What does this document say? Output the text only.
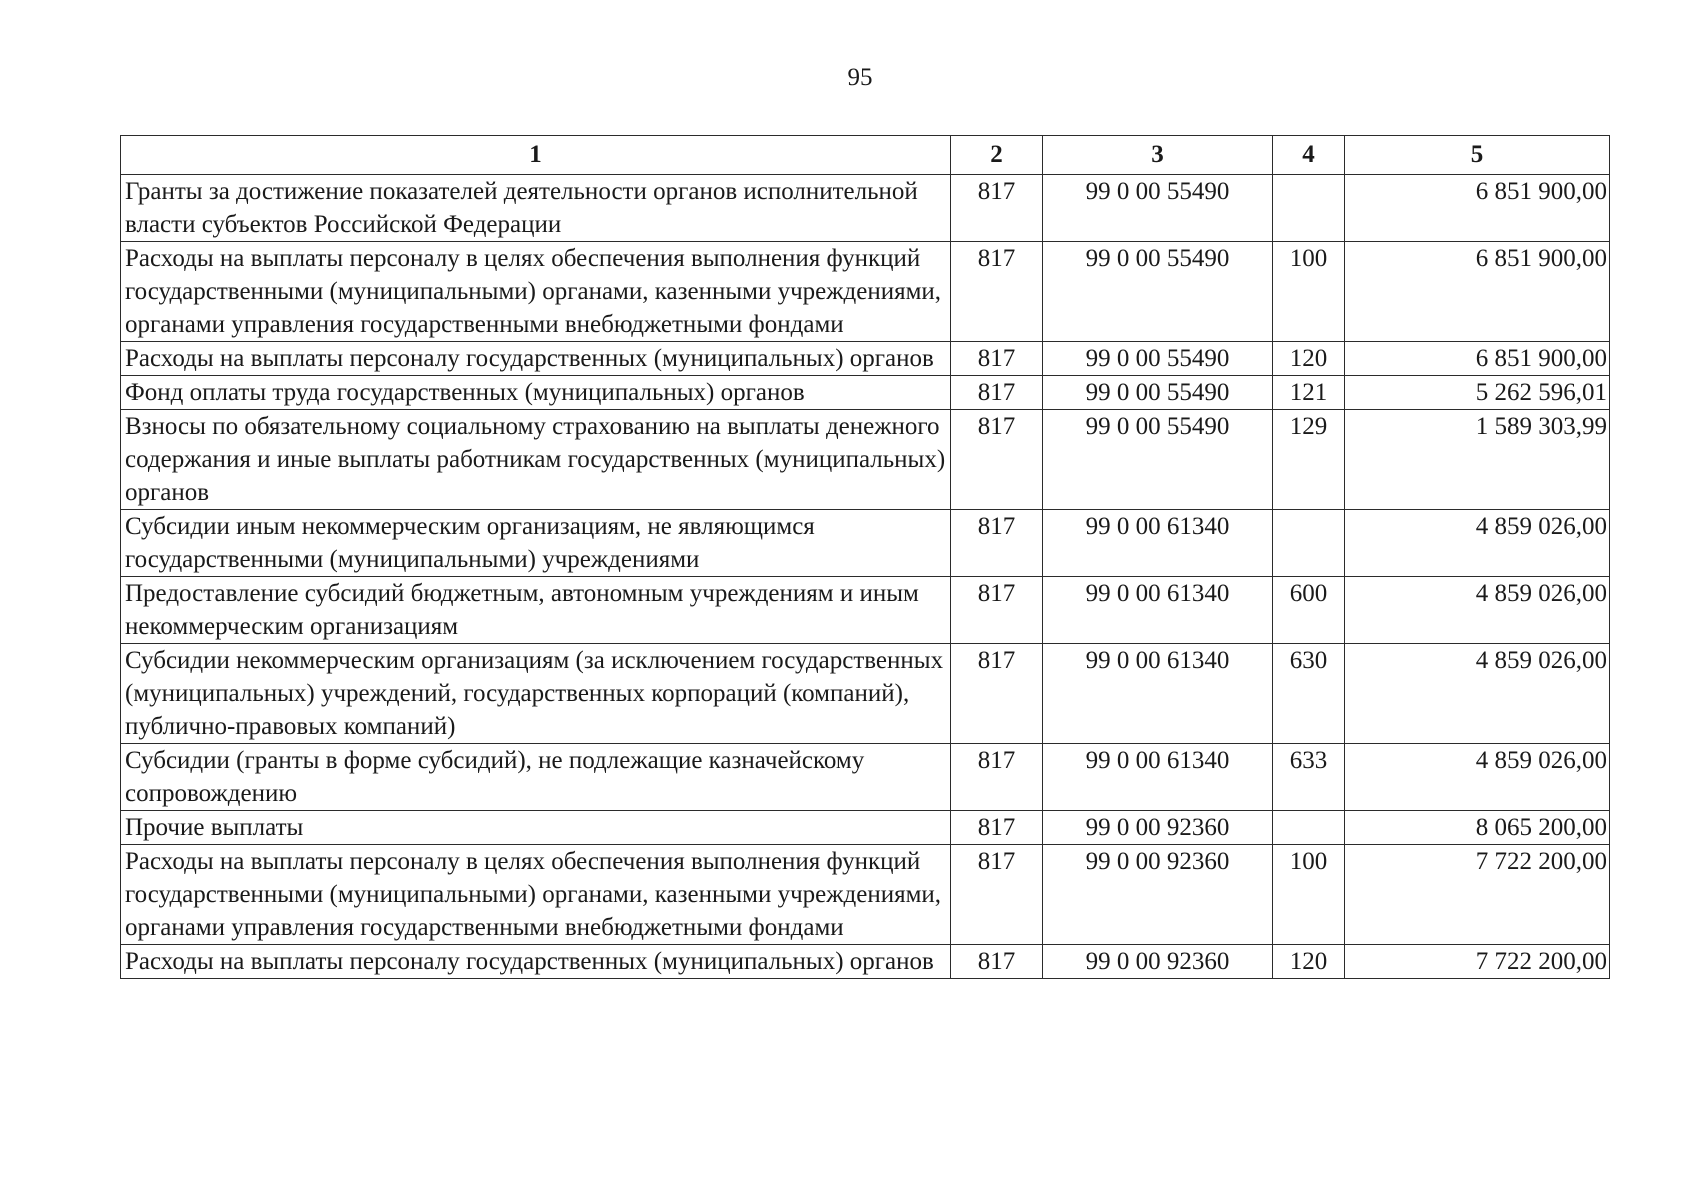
95
1	2	3	4	5
Гранты за достижение показателей деятельности органов исполнительной власти субъектов Российской Федерации	817	99 0 00 55490		6 851 900,00
Расходы на выплаты персоналу в целях обеспечения выполнения функций государственными (муниципальными) органами, казенными учреждениями, органами управления государственными внебюджетными фондами	817	99 0 00 55490	100	6 851 900,00
Расходы на выплаты персоналу государственных (муниципальных) органов	817	99 0 00 55490	120	6 851 900,00
Фонд оплаты труда государственных (муниципальных) органов	817	99 0 00 55490	121	5 262 596,01
Взносы по обязательному социальному страхованию на выплаты денежного содержания и иные выплаты работникам государственных (муниципальных) органов	817	99 0 00 55490	129	1 589 303,99
Субсидии иным некоммерческим организациям, не являющимся государственными (муниципальными) учреждениями	817	99 0 00 61340		4 859 026,00
Предоставление субсидий бюджетным, автономным учреждениям и иным некоммерческим организациям	817	99 0 00 61340	600	4 859 026,00
Субсидии некоммерческим организациям (за исключением государственных (муниципальных) учреждений, государственных корпораций (компаний), публично-правовых компаний)	817	99 0 00 61340	630	4 859 026,00
Субсидии (гранты в форме субсидий), не подлежащие казначейскому сопровождению	817	99 0 00 61340	633	4 859 026,00
Прочие выплаты	817	99 0 00 92360		8 065 200,00
Расходы на выплаты персоналу в целях обеспечения выполнения функций государственными (муниципальными) органами, казенными учреждениями, органами управления государственными внебюджетными фондами	817	99 0 00 92360	100	7 722 200,00
Расходы на выплаты персоналу государственных (муниципальных) органов	817	99 0 00 92360	120	7 722 200,00
